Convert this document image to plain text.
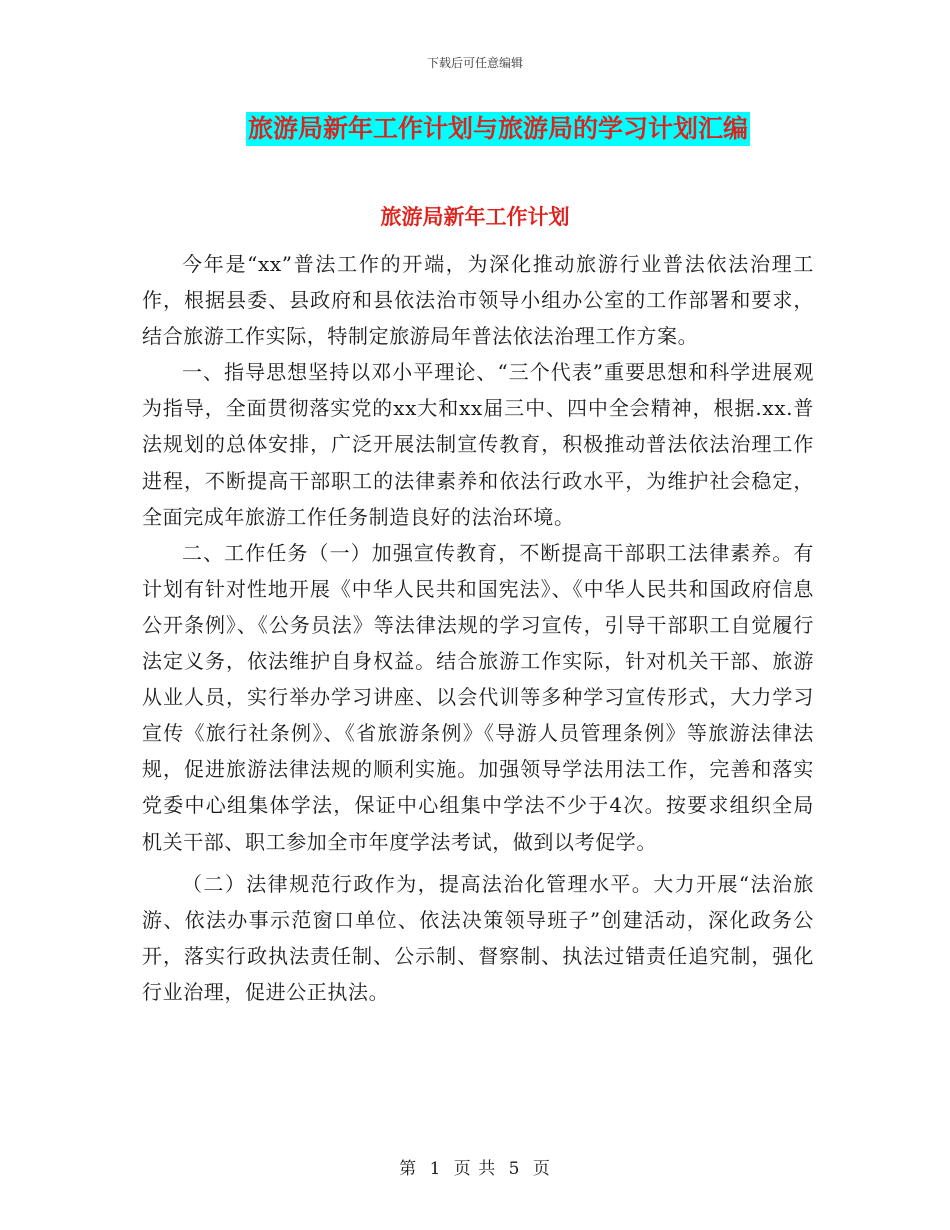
下载后可任意编辑
旅游局新年工作计划与旅游局的学习计划汇编
旅游局新年工作计划

今年是“xx”普法工作的开端，为深化推动旅游行业普法依法治理工作，根据县委、县政府和县依法治市领导小组办公室的工作部署和要求，结合旅游工作实际，特制定旅游局年普法依法治理工作方案。

一、指导思想坚持以邓小平理论、“三个代表”重要思想和科学进展观为指导，全面贯彻落实党的xx大和xx届三中、四中全会精神，根据.xx.普法规划的总体安排，广泛开展法制宣传教育，积极推动普法依法治理工作进程，不断提高干部职工的法律素养和依法行政水平，为维护社会稳定，全面完成年旅游工作任务制造良好的法治环境。

二、工作任务（一）加强宣传教育，不断提高干部职工法律素养。有计划有针对性地开展《中华人民共和国宪法》、《中华人民共和国政府信息公开条例》、《公务员法》等法律法规的学习宣传，引导干部职工自觉履行法定义务，依法维护自身权益。结合旅游工作实际，针对机关干部、旅游从业人员，实行举办学习讲座、以会代训等多种学习宣传形式，大力学习宣传《旅行社条例》、《省旅游条例》《导游人员管理条例》等旅游法律法规，促进旅游法律法规的顺利实施。加强领导学法用法工作，完善和落实党委中心组集体学法，保证中心组集中学法不少于4次。按要求组织全局机关干部、职工参加全市年度学法考试，做到以考促学。

（二）法律规范行政作为，提高法治化管理水平。大力开展“法治旅游、依法办事示范窗口单位、依法决策领导班子”创建活动，深化政务公开，落实行政执法责任制、公示制、督察制、执法过错责任追究制，强化行业治理，促进公正执法。

第 1 页 共 5 页
